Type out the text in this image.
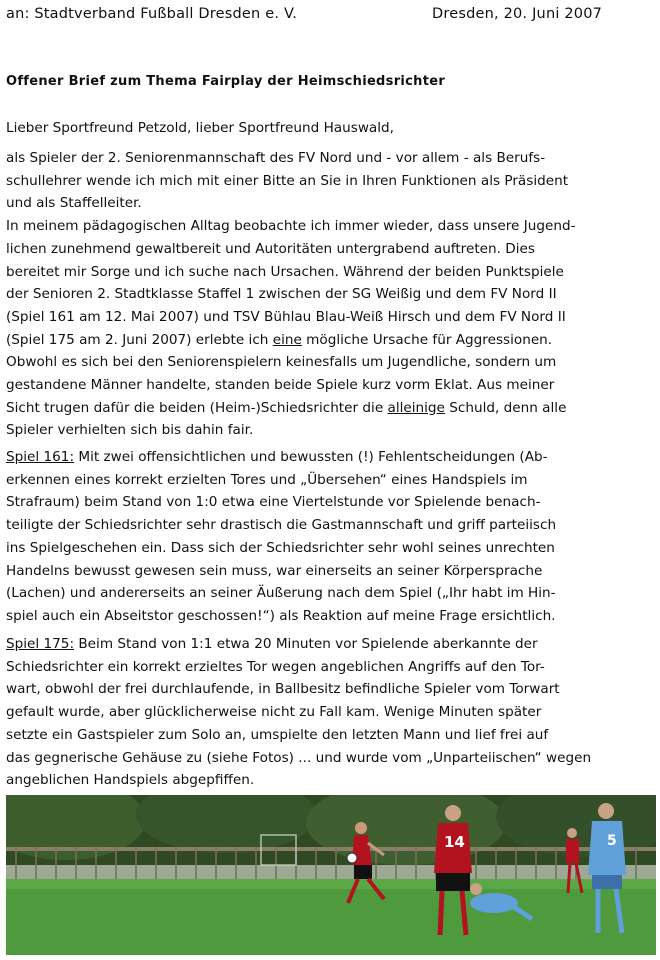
an: Stadtverband Fußball Dresden e. V.	Dresden, 20. Juni 2007
Offener Brief zum Thema Fairplay der Heimschiedsrichter

Lieber Sportfreund Petzold, lieber Sportfreund Hauswald,

als Spieler der 2. Seniorenmannschaft des FV Nord und - vor allem - als Berufs-

schullehrer wende ich mich mit einer Bitte an Sie in Ihren Funktionen als Präsident

und als Staffelleiter.

In meinem pädagogischen Alltag beobachte ich immer wieder, dass unsere Jugend-

lichen zunehmend gewaltbereit und Autoritäten untergrabend auftreten. Dies

bereitet mir Sorge und ich suche nach Ursachen. Während der beiden Punktspiele

der Senioren 2. Stadtklasse Staffel 1 zwischen der SG Weißig und dem FV Nord II

(Spiel 161 am 12. Mai 2007) und TSV Bühlau Blau-Weiß Hirsch und dem FV Nord II

(Spiel 175 am 2. Juni 2007) erlebte ich eine mögliche Ursache für Aggressionen.

Obwohl es sich bei den Seniorenspielern keinesfalls um Jugendliche, sondern um

gestandene Männer handelte, standen beide Spiele kurz vorm Eklat. Aus meiner

Sicht trugen dafür die beiden (Heim-)Schiedsrichter die alleinige Schuld, denn alle

Spieler verhielten sich bis dahin fair.

Spiel 161: Mit zwei offensichtlichen und bewussten (!) Fehlentscheidungen (Ab-

erkennen eines korrekt erzielten Tores und „Übersehen“ eines Handspiels im

Strafraum) beim Stand von 1:0 etwa eine Viertelstunde vor Spielende benach-

teiligte der Schiedsrichter sehr drastisch die Gastmannschaft und griff parteiisch

ins Spielgeschehen ein. Dass sich der Schiedsrichter sehr wohl seines unrechten

Handelns bewusst gewesen sein muss, war einerseits an seiner Körpersprache

(Lachen) und andererseits an seiner Äußerung nach dem Spiel („Ihr habt im Hin-

spiel auch ein Abseitstor geschossen!“) als Reaktion auf meine Frage ersichtlich.

Spiel 175: Beim Stand von 1:1 etwa 20 Minuten vor Spielende aberkannte der

Schiedsrichter ein korrekt erzieltes Tor wegen angeblichen Angriffs auf den Tor-

wart, obwohl der frei durchlaufende, in Ballbesitz befindliche Spieler vom Torwart

gefault wurde, aber glücklicherweise nicht zu Fall kam. Wenige Minuten später

setzte ein Gastspieler zum Solo an, umspielte den letzten Mann und lief frei auf

das gegnerische Gehäuse zu (siehe Fotos) ... und wurde vom „Unparteiischen“ wegen

angeblichen Handspiels abgepfiffen.

14	5
